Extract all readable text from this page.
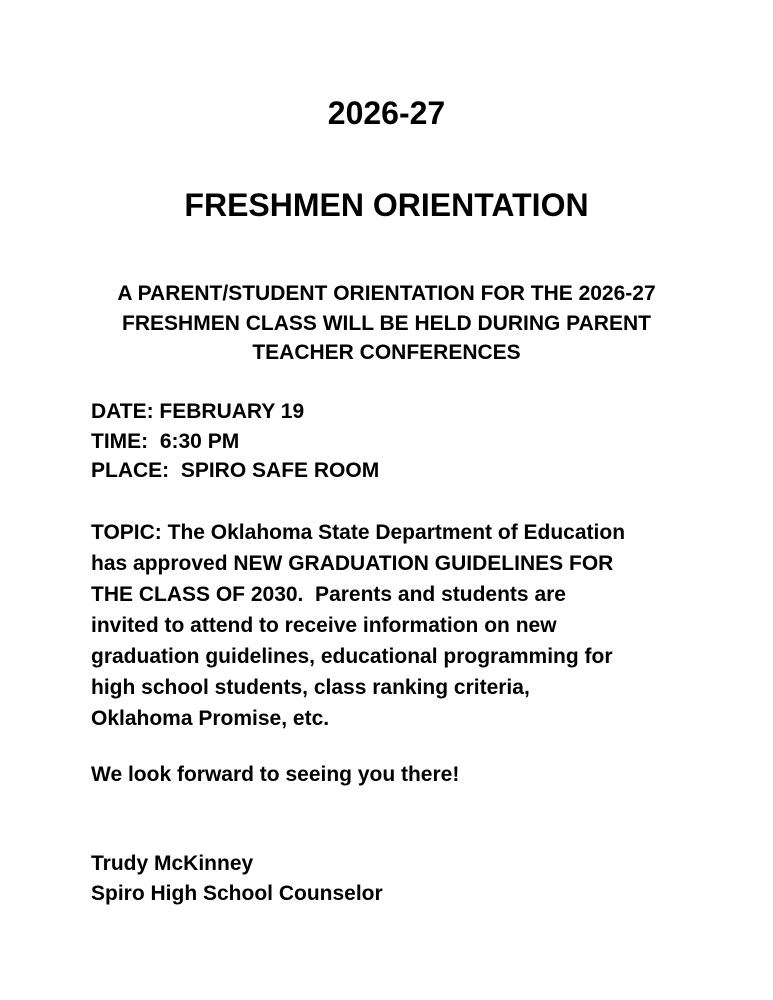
2026-27
FRESHMEN ORIENTATION
A PARENT/STUDENT ORIENTATION FOR THE 2026-27
FRESHMEN CLASS WILL BE HELD DURING PARENT
TEACHER CONFERENCES
DATE: FEBRUARY 19
TIME:  6:30 PM
PLACE:  SPIRO SAFE ROOM
TOPIC: The Oklahoma State Department of Education
has approved NEW GRADUATION GUIDELINES FOR
THE CLASS OF 2030.  Parents and students are
invited to attend to receive information on new
graduation guidelines, educational programming for
high school students, class ranking criteria,
Oklahoma Promise, etc.
We look forward to seeing you there!
Trudy McKinney
Spiro High School Counselor
